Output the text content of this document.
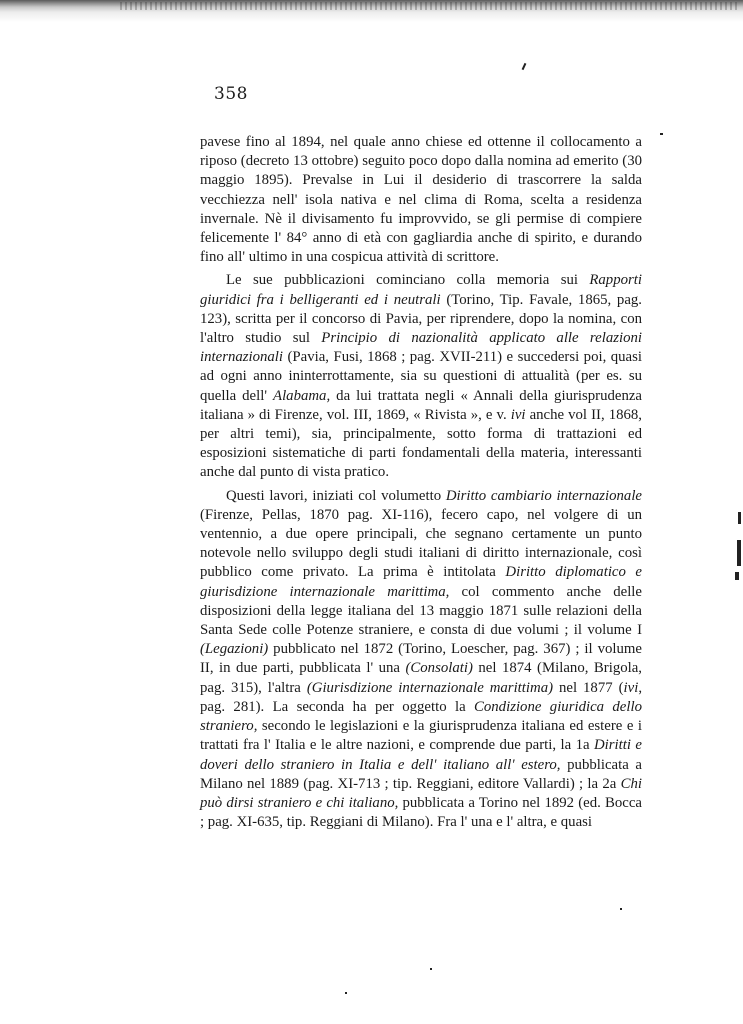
358

pavese fino al 1894, nel quale anno chiese ed ottenne il collocamento a riposo (decreto 13 ottobre) seguito poco dopo dalla nomina ad emerito (30 maggio 1895). Prevalse in Lui il desiderio di trascorrere la salda vecchiezza nell' isola nativa e nel clima di Roma, scelta a residenza invernale. Nè il divisamento fu improvvido, se gli permise di compiere felicemente l' 84° anno di età con gagliardia anche di spirito, e durando fino all' ultimo in una cospicua attività di scrittore.

Le sue pubblicazioni cominciano colla memoria sui Rapporti giuridici fra i belligeranti ed i neutrali (Torino, Tip. Favale, 1865, pag. 123), scritta per il concorso di Pavia, per riprendere, dopo la nomina, con l'altro studio sul Principio di nazionalità applicato alle relazioni internazionali (Pavia, Fusi, 1868 ; pag. XVII-211) e succedersi poi, quasi ad ogni anno ininterrottamente, sia su questioni di attualità (per es. su quella dell' Alabama, da lui trattata negli « Annali della giurisprudenza italiana » di Firenze, vol. III, 1869, « Rivista », e v. ivi anche vol II, 1868, per altri temi), sia, principalmente, sotto forma di trattazioni ed esposizioni sistematiche di parti fondamentali della materia, interessanti anche dal punto di vista pratico.

Questi lavori, iniziati col volumetto Diritto cambiario internazionale (Firenze, Pellas, 1870 pag. XI-116), fecero capo, nel volgere di un ventennio, a due opere principali, che segnano certamente un punto notevole nello sviluppo degli studi italiani di diritto internazionale, così pubblico come privato. La prima è intitolata Diritto diplomatico e giurisdizione internazionale marittima, col commento anche delle disposizioni della legge italiana del 13 maggio 1871 sulle relazioni della Santa Sede colle Potenze straniere, e consta di due volumi ; il volume I (Legazioni) pubblicato nel 1872 (Torino, Loescher, pag. 367) ; il volume II, in due parti, pubblicata l' una (Consolati) nel 1874 (Milano, Brigola, pag. 315), l'altra (Giurisdizione internazionale marittima) nel 1877 (ivi, pag. 281). La seconda ha per oggetto la Condizione giuridica dello straniero, secondo le legislazioni e la giurisprudenza italiana ed estere e i trattati fra l' Italia e le altre nazioni, e comprende due parti, la 1a Diritti e doveri dello straniero in Italia e dell' italiano all' estero, pubblicata a Milano nel 1889 (pag. XI-713 ; tip. Reggiani, editore Vallardi) ; la 2a Chi può dirsi straniero e chi italiano, pubblicata a Torino nel 1892 (ed. Bocca ; pag. XI-635, tip. Reggiani di Milano). Fra l' una e l' altra, e quasi
